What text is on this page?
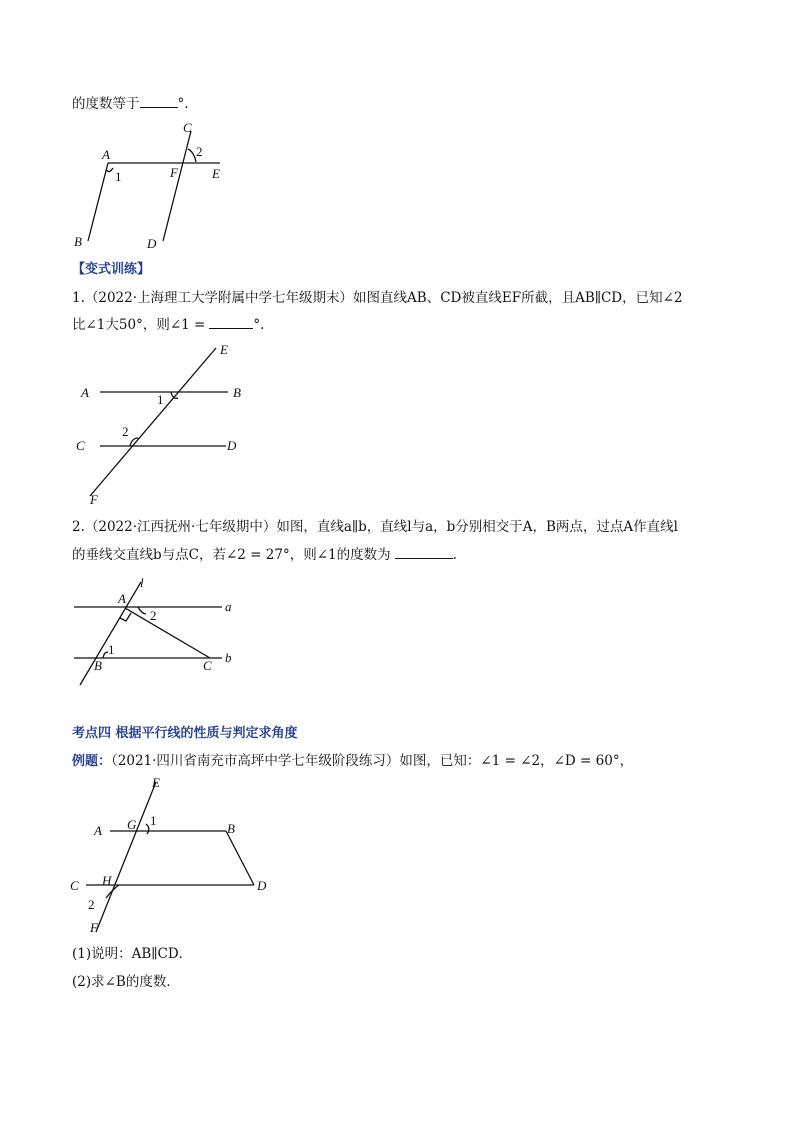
的度数等于	°.
A
B
C
D
E
F
1
2
【变式训练】
1.（2022·上海理工大学附属中学七年级期末）如图直线AB、CD被直线EF所截，且AB∥CD，已知∠2
比∠1大50°，则∠1 =	°.
A	B
C	D
E
F
1
2
2.（2022·江西抚州·七年级期中）如图，直线a∥b，直线l与a，b分别相交于A，B两点，过点A作直线l
的垂线交直线b与点C，若∠2 = 27°，则∠1的度数为	.
l
a
b
A
B	C
1
2
考点四 根据平行线的性质与判定求角度
例题：（2021·四川省南充市高坪中学七年级阶段练习）如图，已知：∠1 = ∠2，∠D = 60°，
E
A	B
C	D
F
G
H
1
2
(1)说明：AB∥CD．
(2)求∠B的度数．
